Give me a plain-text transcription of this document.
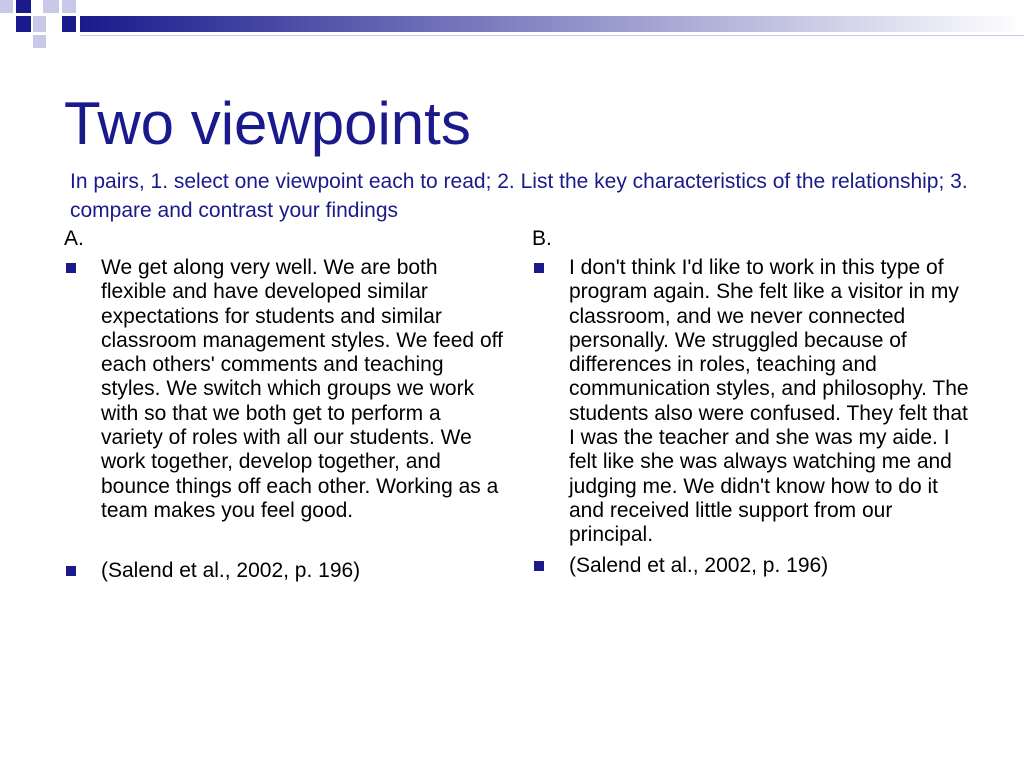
Two viewpoints

In pairs, 1. select one viewpoint each to read; 2. List the key characteristics of the relationship; 3. compare and contrast your findings

A.
We get along very well. We are both flexible and have developed similar expectations for students and similar classroom management styles. We feed off each others' comments and teaching styles. We switch which groups we work with so that we both get to perform a variety of roles with all our students. We work together, develop together, and bounce things off each other. Working as a team makes you feel good.
(Salend et al., 2002, p. 196)
B.
I don't think I'd like to work in this type of program again. She felt like a visitor in my classroom, and we never connected personally. We struggled because of differences in roles, teaching and communication styles, and philosophy. The students also were confused. They felt that I was the teacher and she was my aide. I felt like she was always watching me and judging me. We didn't know how to do it and received little support from our principal.
(Salend et al., 2002, p. 196)
